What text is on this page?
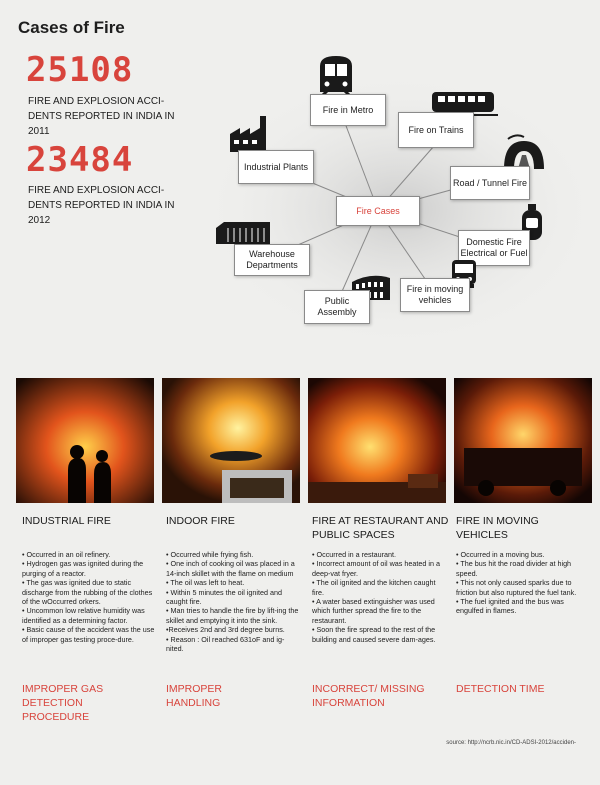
Cases of Fire
25108
FIRE AND EXPLOSION ACCI-
DENTS REPORTED IN INDIA IN
2011
23484
FIRE AND EXPLOSION ACCI-
DENTS REPORTED IN INDIA IN
2012
Fire Cases
Fire in Metro
Fire on Trains
Road / Tunnel Fire
Domestic Fire Electrical or Fuel
Fire in moving vehicles
Public Assembly
Warehouse Departments
Industrial Plants
INDUSTRIAL FIRE	INDOOR FIRE	FIRE AT RESTAURANT AND PUBLIC SPACES
FIRE IN MOVING VEHICLES

• Occurred in an oil refinery.

• Hydrogen gas was ignited during the purging of a reactor.

• The gas was ignited due to static discharge from the rubbing of the clothes of the wOccurred orkers.

• Uncommon low relative humidity was identified as a determining factor.

• Basic cause of the accident was the use of improper gas testing proce-dure.

• Occurred while frying fish.

• One inch of cooking oil was placed in a 14-inch skillet with the flame on medium

• The oil was left to heat.

• Within 5 minutes the oil ignited and caught fire.

• Man tries to handle the fire by lift-ing the skillet and emptying it into the sink.

•Receives 2nd and 3rd degree burns.

• Reason : Oil reached 631oF and ig-nited.

• Occurred in a restaurant.

• Incorrect amount of oil was heated in a deep-vat fryer.

• The oil ignited and the kitchen caught fire.

• A water based extinguisher was used which further spread the fire to the restaurant.

• Soon the fire spread to the rest of the building and caused severe dam-ages.

• Occurred in a moving bus.

• The bus hit the road divider at high speed.

• This not only caused sparks due to friction but also ruptured the fuel tank.

• The fuel ignited and the bus was engulfed in flames.

IMPROPER GAS DETECTION PROCEDURE
IMPROPER HANDLING
INCORRECT/ MISSING INFORMATION
DETECTION TIME
source: http://ncrb.nic.in/CD-ADSI-2012/acciden-
